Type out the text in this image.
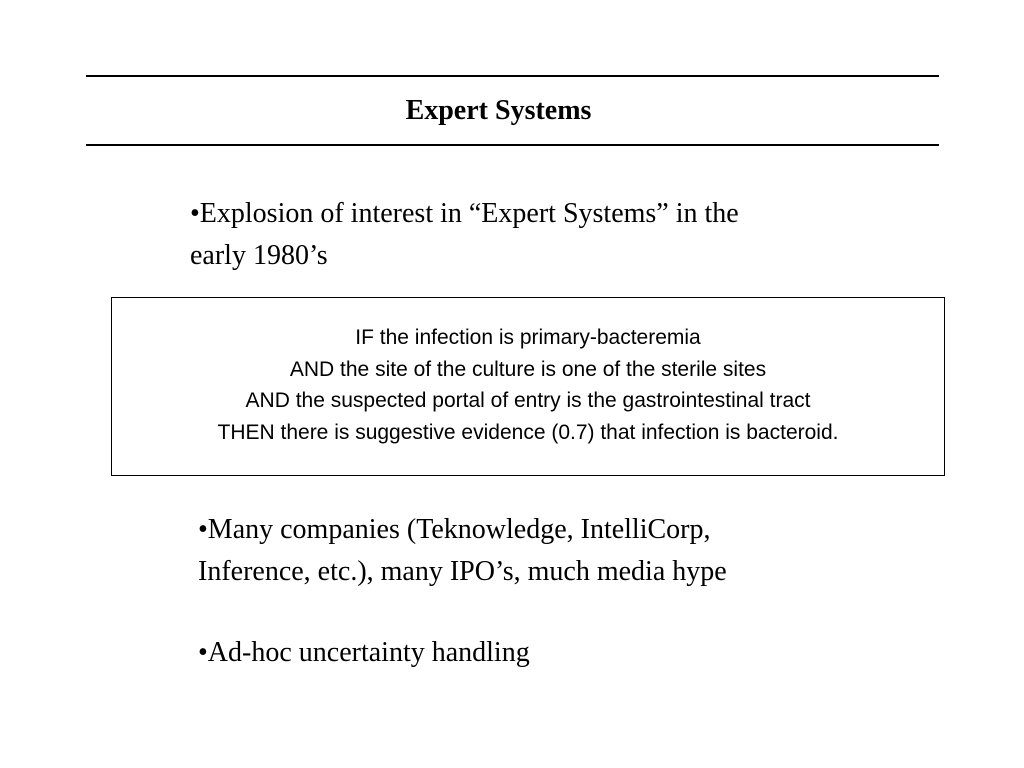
Expert Systems
•Explosion of interest in “Expert Systems” in the
early 1980’s
IF the infection is primary-bacteremia
AND the site of the culture is one of the sterile sites
AND the suspected portal of entry is the gastrointestinal tract
THEN there is suggestive evidence (0.7) that infection is bacteroid.
•Many companies (Teknowledge, IntelliCorp,
Inference, etc.), many IPO’s, much media hype
•Ad-hoc uncertainty handling
